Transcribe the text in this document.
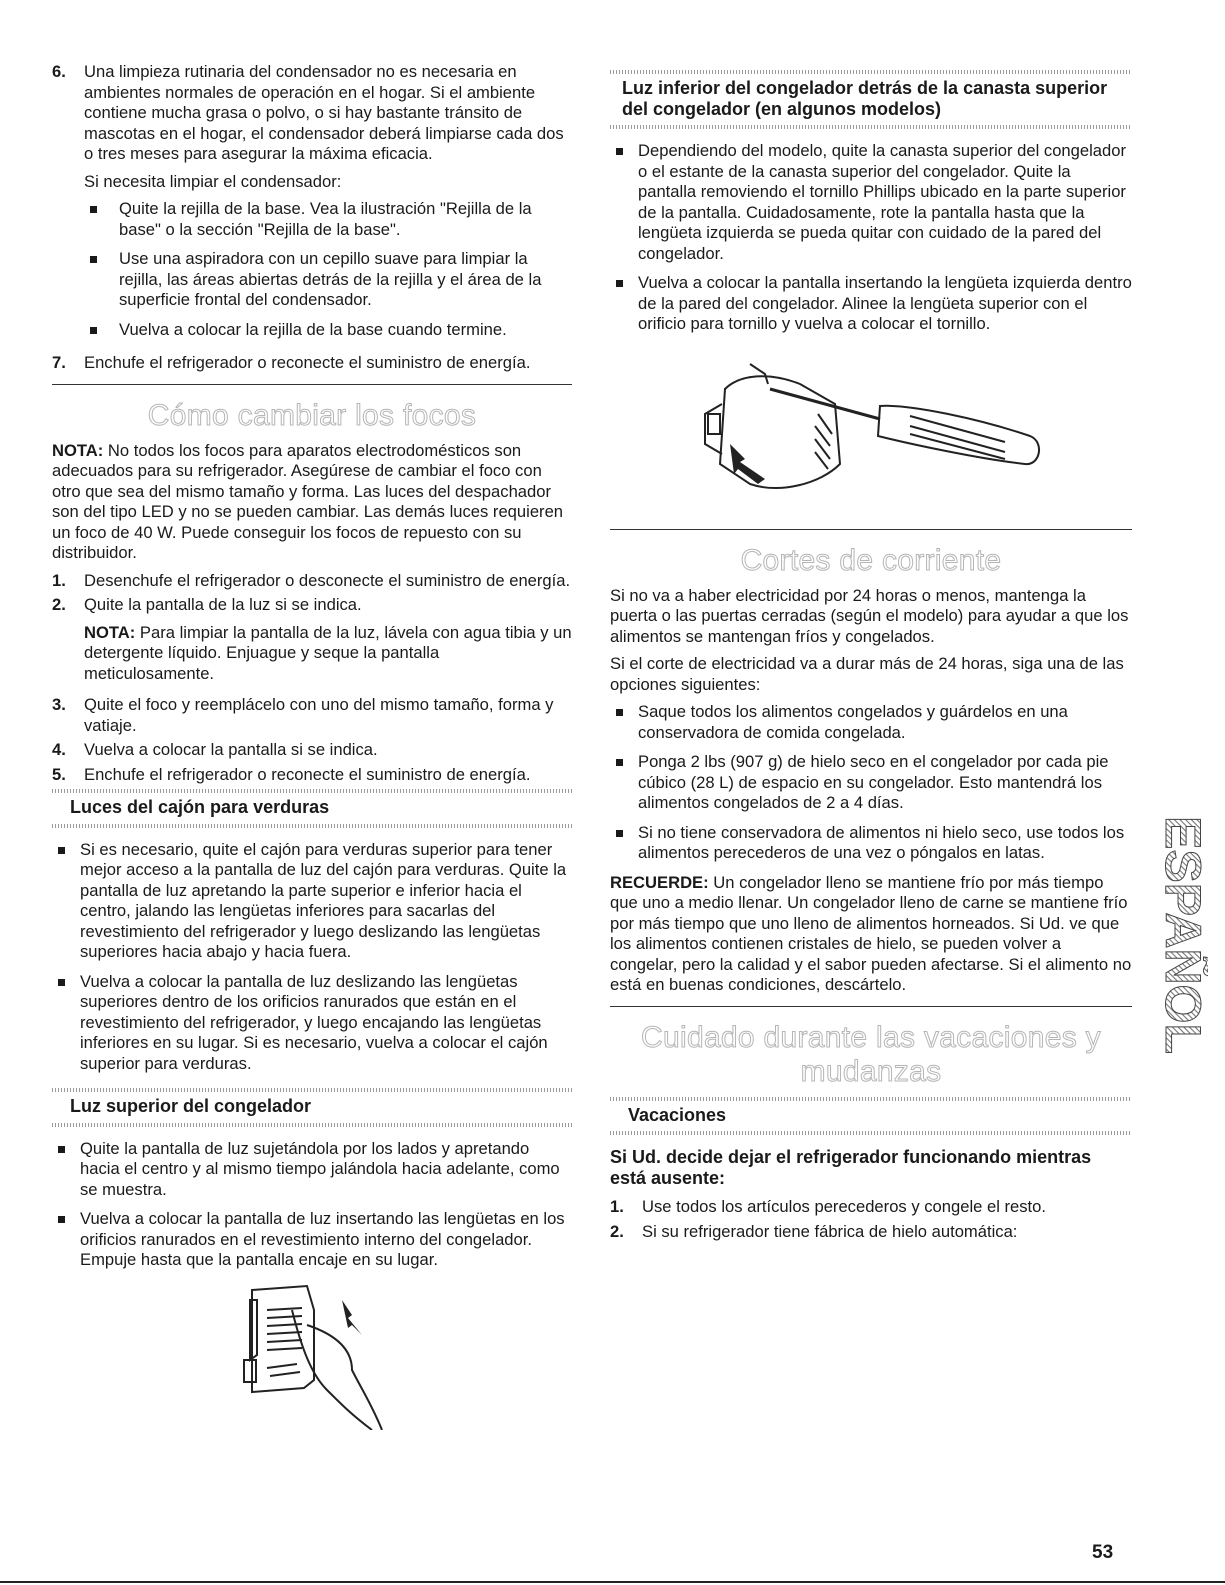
6.	Una limpieza rutinaria del condensador no es necesaria en ambientes normales de operación en el hogar. Si el ambiente contiene mucha grasa o polvo, o si hay bastante tránsito de mascotas en el hogar, el condensador deberá limpiarse cada dos o tres meses para asegurar la máxima eficacia.

Si necesita limpiar el condensador:

Quite la rejilla de la base. Vea la ilustración "Rejilla de la base" o la sección "Rejilla de la base".
Use una aspiradora con un cepillo suave para limpiar la rejilla, las áreas abiertas detrás de la rejilla y el área de la superficie frontal del condensador.
Vuelva a colocar la rejilla de la base cuando termine.
7.	Enchufe el refrigerador o reconecte el suministro de energía.
Cómo cambiar los focos

NOTA: No todos los focos para aparatos electrodomésticos son adecuados para su refrigerador. Asegúrese de cambiar el foco con otro que sea del mismo tamaño y forma. Las luces del despachador son del tipo LED y no se pueden cambiar. Las demás luces requieren un foco de 40 W. Puede conseguir los focos de repuesto con su distribuidor.

1.	Desenchufe el refrigerador o desconecte el suministro de energía.
2.	Quite la pantalla de la luz si se indica.

NOTA: Para limpiar la pantalla de la luz, lávela con agua tibia y un detergente líquido. Enjuague y seque la pantalla meticulosamente.

3.	Quite el foco y reemplácelo con uno del mismo tamaño, forma y vatiaje.
4.	Vuelva a colocar la pantalla si se indica.
5.	Enchufe el refrigerador o reconecte el suministro de energía.
Luces del cajón para verduras
Si es necesario, quite el cajón para verduras superior para tener mejor acceso a la pantalla de luz del cajón para verduras. Quite la pantalla de luz apretando la parte superior e inferior hacia el centro, jalando las lengüetas inferiores para sacarlas del revestimiento del refrigerador y luego deslizando las lengüetas superiores hacia abajo y hacia fuera.
Vuelva a colocar la pantalla de luz deslizando las lengüetas superiores dentro de los orificios ranurados que están en el revestimiento del refrigerador, y luego encajando las lengüetas inferiores en su lugar. Si es necesario, vuelva a colocar el cajón superior para verduras.
Luz superior del congelador
Quite la pantalla de luz sujetándola por los lados y apretando hacia el centro y al mismo tiempo jalándola hacia adelante, como se muestra.
Vuelva a colocar la pantalla de luz insertando las lengüetas en los orificios ranurados en el revestimiento interno del congelador. Empuje hasta que la pantalla encaje en su lugar.
Luz inferior del congelador detrás de la canasta superior del congelador (en algunos modelos)
Dependiendo del modelo, quite la canasta superior del congelador o el estante de la canasta superior del congelador. Quite la pantalla removiendo el tornillo Phillips ubicado en la parte superior de la pantalla. Cuidadosamente, rote la pantalla hasta que la lengüeta izquierda se pueda quitar con cuidado de la pared del congelador.
Vuelva a colocar la pantalla insertando la lengüeta izquierda dentro de la pared del congelador. Alinee la lengüeta superior con el orificio para tornillo y vuelva a colocar el tornillo.
Cortes de corriente

Si no va a haber electricidad por 24 horas o menos, mantenga la puerta o las puertas cerradas (según el modelo) para ayudar a que los alimentos se mantengan fríos y congelados.

Si el corte de electricidad va a durar más de 24 horas, siga una de las opciones siguientes:

Saque todos los alimentos congelados y guárdelos en una conservadora de comida congelada.
Ponga 2 lbs (907 g) de hielo seco en el congelador por cada pie cúbico (28 L) de espacio en su congelador. Esto mantendrá los alimentos congelados de 2 a 4 días.
Si no tiene conservadora de alimentos ni hielo seco, use todos los alimentos perecederos de una vez o póngalos en latas.

RECUERDE: Un congelador lleno se mantiene frío por más tiempo que uno a medio llenar. Un congelador lleno de carne se mantiene frío por más tiempo que uno lleno de alimentos horneados. Si Ud. ve que los alimentos contienen cristales de hielo, se pueden volver a congelar, pero la calidad y el sabor pueden afectarse. Si el alimento no está en buenas condiciones, descártelo.

Cuidado durante las vacaciones y mudanzas
Vacaciones
Si Ud. decide dejar el refrigerador funcionando mientras está ausente:
1.	Use todos los artículos perecederos y congele el resto.
2.	Si su refrigerador tiene fábrica de hielo automática:
ESPAÑOL
53
